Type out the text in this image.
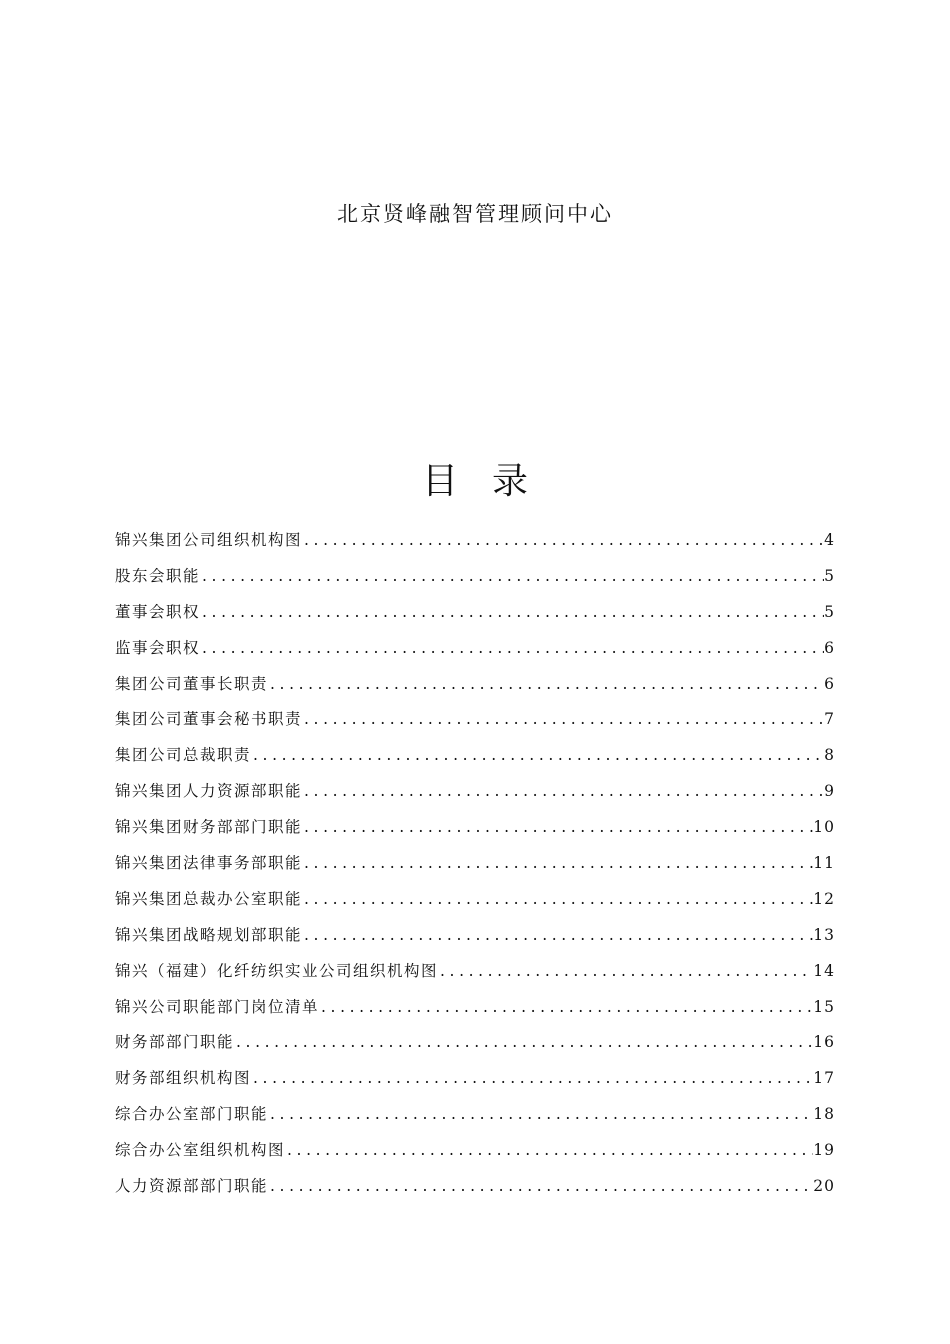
北京贤峰融智管理顾问中心
目录
锦兴集团公司组织机构图 .....	4
股东会职能 .....	5
董事会职权 .....	5
监事会职权 .....	6
集团公司董事长职责 .....	6
集团公司董事会秘书职责 .....	7
集团公司总裁职责 .....	8
锦兴集团人力资源部职能 .....	9
锦兴集团财务部部门职能 .....	10
锦兴集团法律事务部职能 .....	11
锦兴集团总裁办公室职能 .....	12
锦兴集团战略规划部职能 .....	13
锦兴（福建）化纤纺织实业公司组织机构图 .....	14
锦兴公司职能部门岗位清单 .....	15
财务部部门职能 .....	16
财务部组织机构图 .....	17
综合办公室部门职能 .....	18
综合办公室组织机构图 .....	19
人力资源部部门职能 .....	20
